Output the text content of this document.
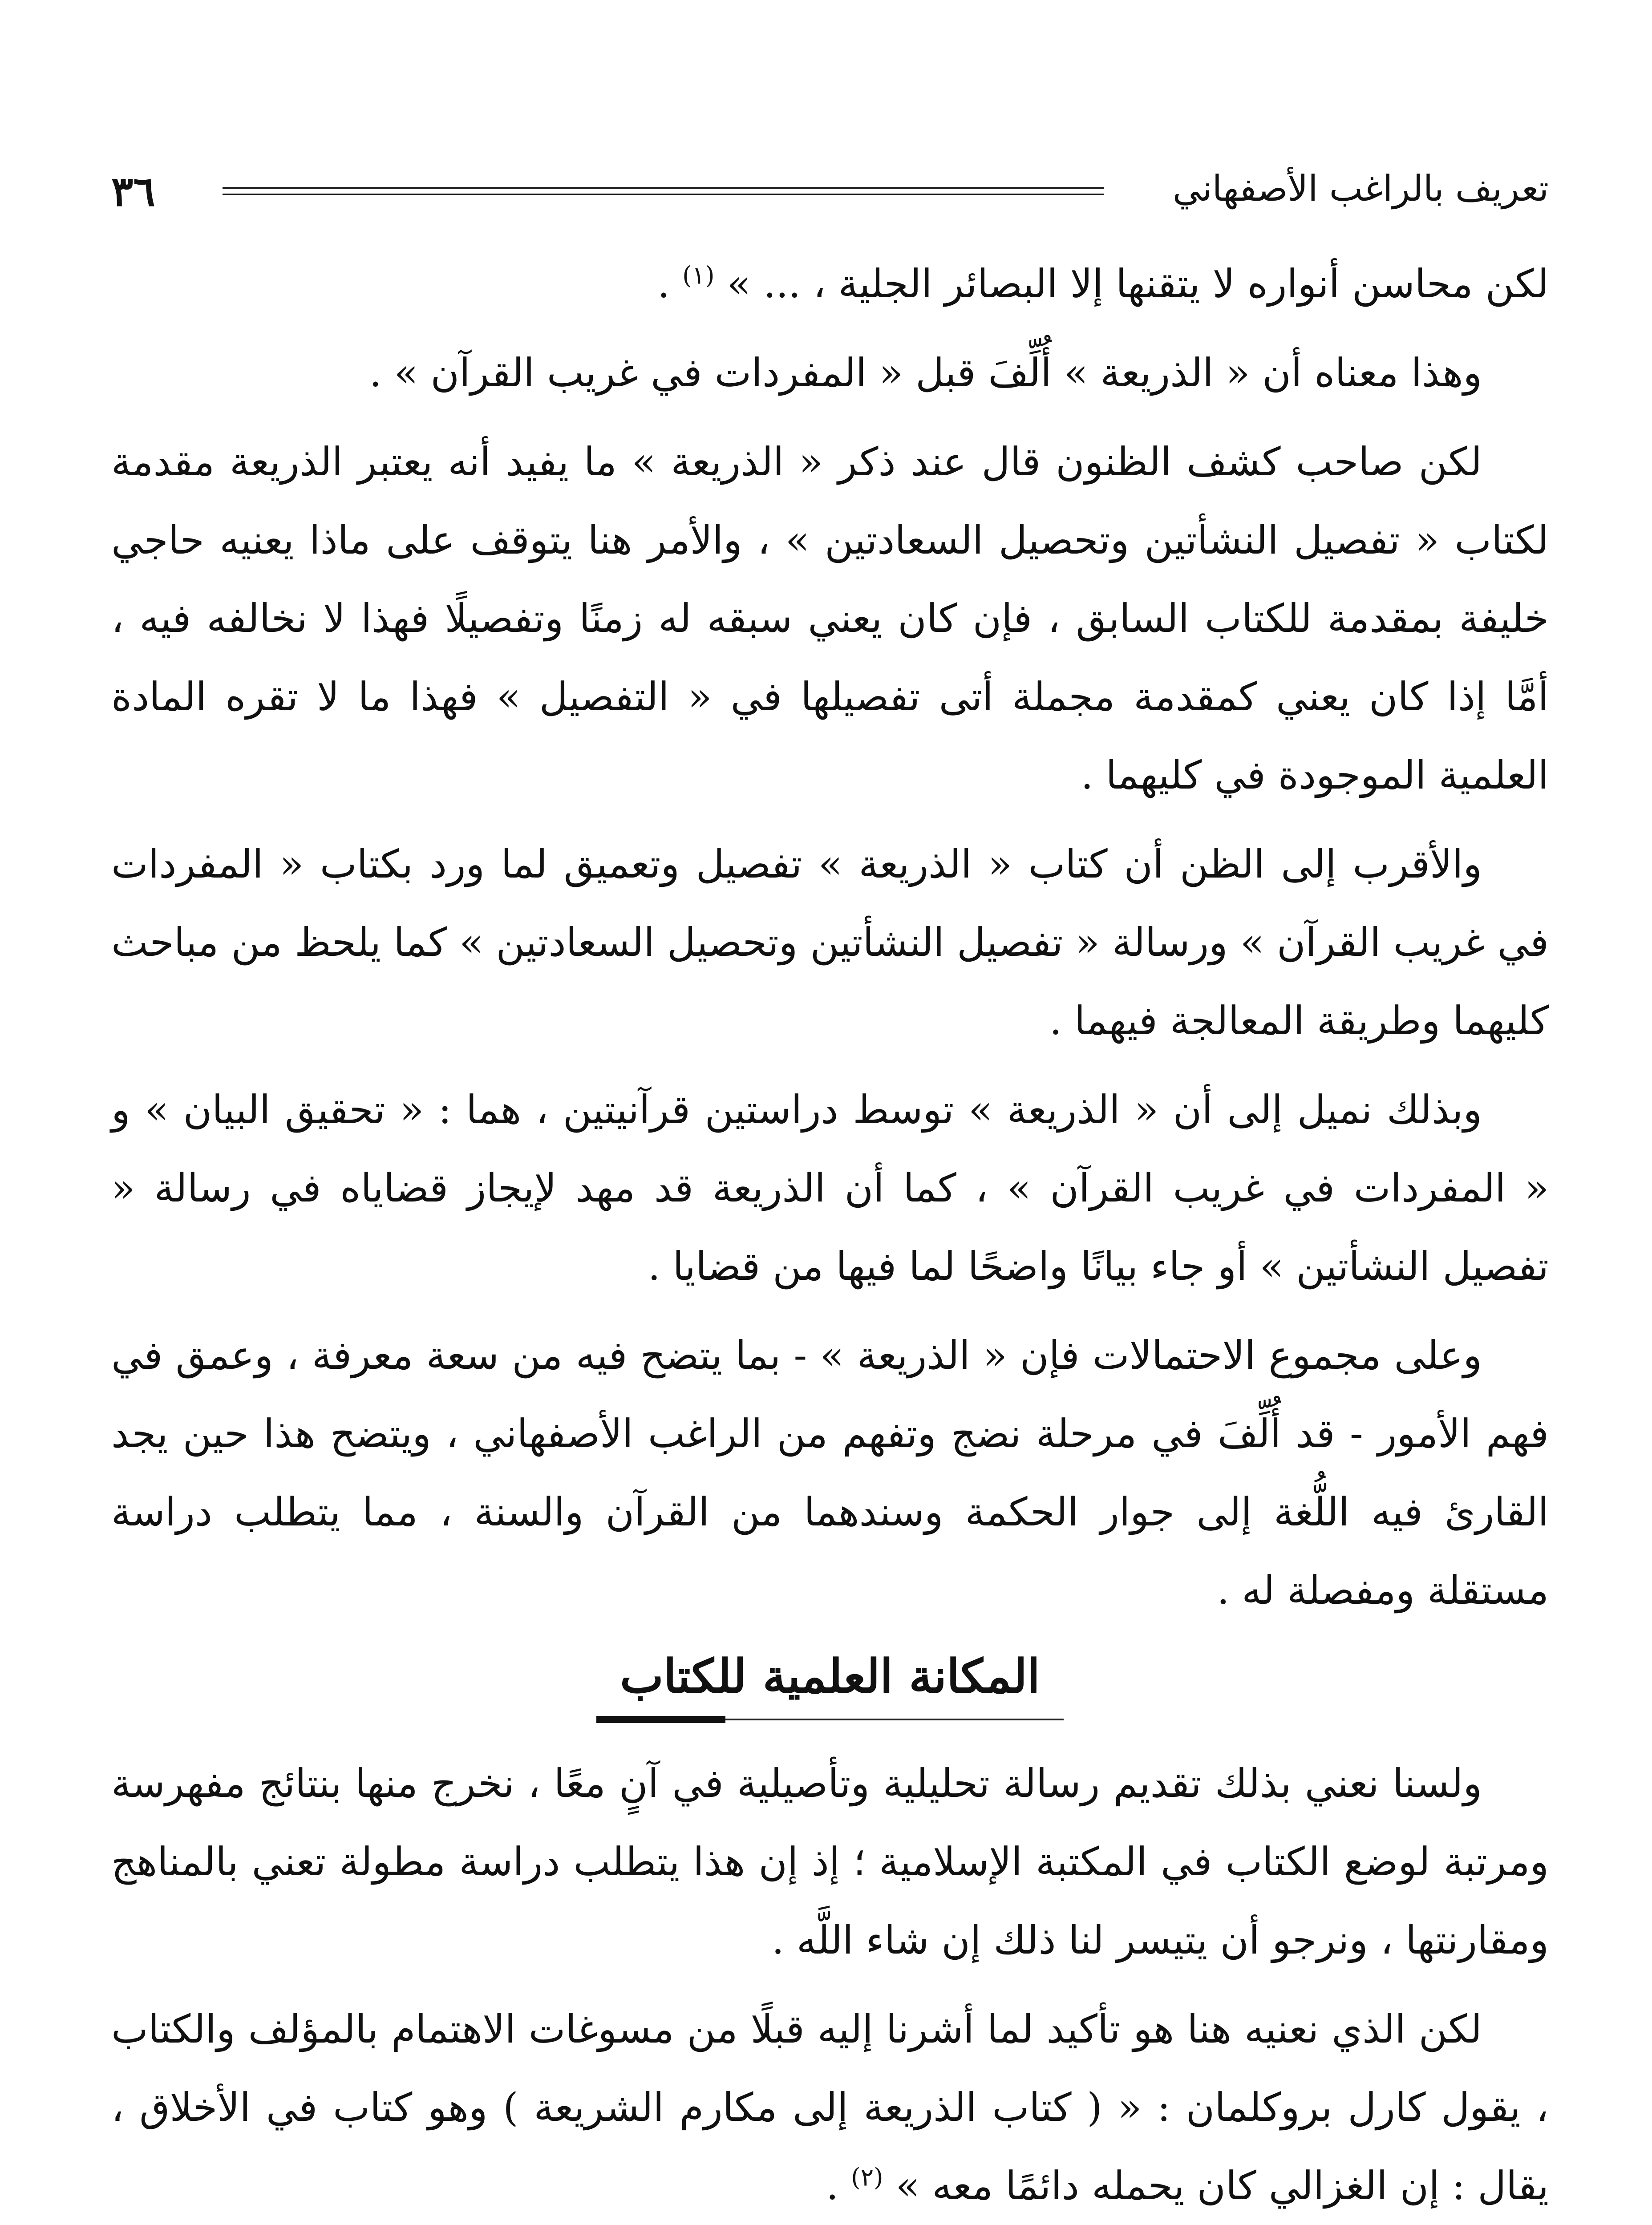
٣٦	تعريف بالراغب الأصفهاني

لكن محاسن أنواره لا يتقنها إلا البصائر الجلية ، ... » $^{(١)}$ .

وهذا معناه أن « الذريعة » أُلِّفَ قبل « المفردات في غريب القرآن » .

لكن صاحب كشف الظنون قال عند ذكر « الذريعة » ما يفيد أنه يعتبر الذريعة مقدمة لكتاب « تفصيل النشأتين وتحصيل السعادتين » ، والأمر هنا يتوقف على ماذا يعنيه حاجي خليفة بمقدمة للكتاب السابق ، فإن كان يعني سبقه له زمنًا وتفصيلًا فهذا لا نخالفه فيه ، أمَّا إذا كان يعني كمقدمة مجملة أتى تفصيلها في « التفصيل » فهذا ما لا تقره المادة العلمية الموجودة في كليهما .

والأقرب إلى الظن أن كتاب « الذريعة » تفصيل وتعميق لما ورد بكتاب « المفردات في غريب القرآن » ورسالة « تفصيل النشأتين وتحصيل السعادتين » كما يلحظ من مباحث كليهما وطريقة المعالجة فيهما .

وبذلك نميل إلى أن « الذريعة » توسط دراستين قرآنيتين ، هما : « تحقيق البيان » و « المفردات في غريب القرآن » ، كما أن الذريعة قد مهد لإيجاز قضاياه في رسالة « تفصيل النشأتين » أو جاء بيانًا واضحًا لما فيها من قضايا .

وعلى مجموع الاحتمالات فإن « الذريعة » - بما يتضح فيه من سعة معرفة ، وعمق في فهم الأمور - قد أُلِّفَ في مرحلة نضج وتفهم من الراغب الأصفهاني ، ويتضح هذا حين يجد القارئ فيه اللُّغة إلى جوار الحكمة وسندهما من القرآن والسنة ، مما يتطلب دراسة مستقلة ومفصلة له .

المكانة العلمية للكتاب

ولسنا نعني بذلك تقديم رسالة تحليلية وتأصيلية في آنٍ معًا ، نخرج منها بنتائج مفهرسة ومرتبة لوضع الكتاب في المكتبة الإسلامية ؛ إذ إن هذا يتطلب دراسة مطولة تعني بالمناهج ومقارنتها ، ونرجو أن يتيسر لنا ذلك إن شاء اللَّه .

لكن الذي نعنيه هنا هو تأكيد لما أشرنا إليه قبلًا من مسوغات الاهتمام بالمؤلف والكتاب ، يقول كارل بروكلمان : « ( كتاب الذريعة إلى مكارم الشريعة ) وهو كتاب في الأخلاق ، يقال : إن الغزالي كان يحمله دائمًا معه » $^{(٢)}$ .
